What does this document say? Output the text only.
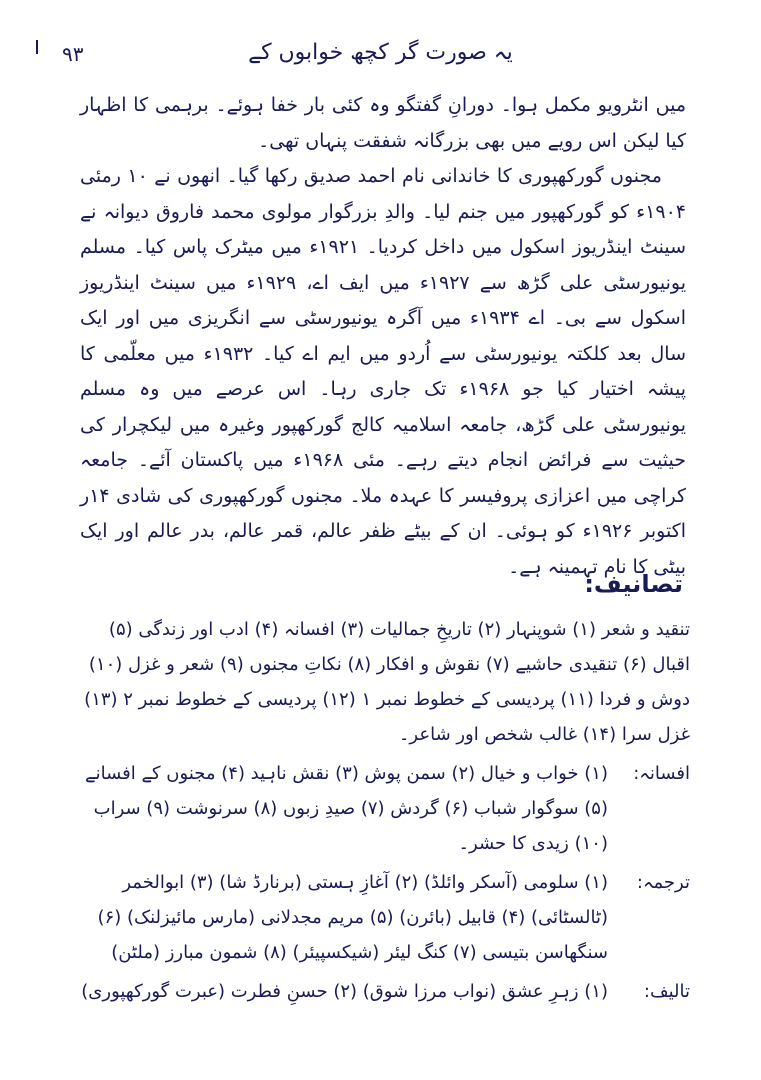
٩٣	یہ صورت گر کچھ خوابوں کے

میں انٹرویو مکمل ہوا۔ دورانِ گفتگو وہ کئی بار خفا ہوئے۔ برہمی کا اظہار کیا لیکن اس رویے میں بھی بزرگانہ شفقت پنہاں تھی۔

مجنوں گورکھپوری کا خاندانی نام احمد صدیق رکھا گیا۔ انھوں نے ۱۰ رمئی ۱۹۰۴ء کو گورکھپور میں جنم لیا۔ والدِ بزرگوار مولوی محمد فاروق دیوانہ نے سینٹ اینڈریوز اسکول میں داخل کردیا۔ ۱۹۲۱ء میں میٹرک پاس کیا۔ مسلم یونیورسٹی علی گڑھ سے ۱۹۲۷ء میں ایف اے، ۱۹۲۹ء میں سینٹ اینڈریوز اسکول سے بی۔ اے ۱۹۳۴ء میں آگرہ یونیورسٹی سے انگریزی میں اور ایک سال بعد کلکتہ یونیورسٹی سے اُردو میں ایم اے کیا۔ ۱۹۳۲ء میں معلّمی کا پیشہ اختیار کیا جو ۱۹۶۸ء تک جاری رہا۔ اس عرصے میں وہ مسلم یونیورسٹی علی گڑھ، جامعہ اسلامیہ کالج گورکھپور وغیرہ میں لیکچرار کی حیثیت سے فرائض انجام دیتے رہے۔ مئی ۱۹۶۸ء میں پاکستان آئے۔ جامعہ کراچی میں اعزازی پروفیسر کا عہدہ ملا۔ مجنوں گورکھپوری کی شادی ۱۴ر اکتوبر ۱۹۲۶ء کو ہوئی۔ ان کے بیٹے ظفر عالم، قمر عالم، بدر عالم اور ایک بیٹی کا نام تہمینہ ہے۔

تصانیف:
تنقید و شعر (۱) شوپنہار (۲) تاریخِ جمالیات (۳) افسانہ (۴) ادب اور زندگی (۵) اقبال (۶) تنقیدی حاشیے (۷) نقوش و افکار (۸) نکاتِ مجنوں (۹) شعر و غزل (۱۰) دوش و فردا (۱۱) پردیسی کے خطوط نمبر ۱ (۱۲) پردیسی کے خطوط نمبر ۲ (۱۳) غزل سرا (۱۴) غالب شخص اور شاعر۔
افسانہ:
(۱) خواب و خیال (۲) سمن پوش (۳) نقش ناہید (۴) مجنوں کے افسانے (۵) سوگوار شباب (۶) گردش (۷) صیدِ زبوں (۸) سرنوشت (۹) سراب (۱۰) زیدی کا حشر۔
ترجمہ:
(۱) سلومی (آسکر وائلڈ) (۲) آغازِ ہستی (برنارڈ شا) (۳) ابوالخمر (ٹالسٹائی) (۴) قابیل (بائرن) (۵) مریم مجدلانی (مارس مائیزلنک) (۶) سنگھاسن بتیسی (۷) کنگ لیئر (شیکسپیئر) (۸) شمون مبارز (ملٹن)
تالیف:
(۱) زہرِ عشق (نواب مرزا شوق) (۲) حسنِ فطرت (عبرت گورکھپوری)
